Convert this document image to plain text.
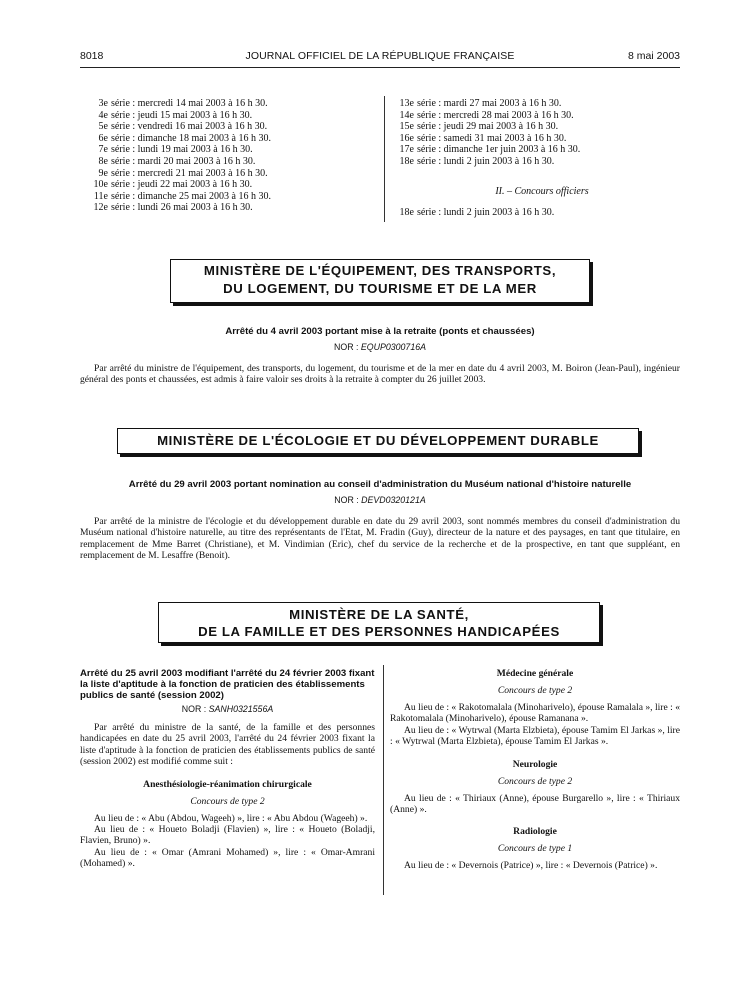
8018	JOURNAL OFFICIEL DE LA RÉPUBLIQUE FRANÇAISE	8 mai 2003
3e série : mercredi 14 mai 2003 à 16 h 30.
4e série : jeudi 15 mai 2003 à 16 h 30.
5e série : vendredi 16 mai 2003 à 16 h 30.
6e série : dimanche 18 mai 2003 à 16 h 30.
7e série : lundi 19 mai 2003 à 16 h 30.
8e série : mardi 20 mai 2003 à 16 h 30.
9e série : mercredi 21 mai 2003 à 16 h 30.
10e série : jeudi 22 mai 2003 à 16 h 30.
11e série : dimanche 25 mai 2003 à 16 h 30.
12e série : lundi 26 mai 2003 à 16 h 30.
13e série : mardi 27 mai 2003 à 16 h 30.
14e série : mercredi 28 mai 2003 à 16 h 30.
15e série : jeudi 29 mai 2003 à 16 h 30.
16e série : samedi 31 mai 2003 à 16 h 30.
17e série : dimanche 1er juin 2003 à 16 h 30.
18e série : lundi 2 juin 2003 à 16 h 30.
II. – Concours officiers
18e série : lundi 2 juin 2003 à 16 h 30.
MINISTÈRE DE L'ÉQUIPEMENT, DES TRANSPORTS,
DU LOGEMENT, DU TOURISME ET DE LA MER
Arrêté du 4 avril 2003 portant mise à la retraite (ponts et chaussées)
NOR : EQUP0300716A
Par arrêté du ministre de l'équipement, des transports, du logement, du tourisme et de la mer en date du 4 avril 2003, M. Boiron (Jean-Paul), ingénieur général des ponts et chaussées, est admis à faire valoir ses droits à la retraite à compter du 26 juillet 2003.
MINISTÈRE DE L'ÉCOLOGIE ET DU DÉVELOPPEMENT DURABLE
Arrêté du 29 avril 2003 portant nomination au conseil d'administration du Muséum national d'histoire naturelle
NOR : DEVD0320121A
Par arrêté de la ministre de l'écologie et du développement durable en date du 29 avril 2003, sont nommés membres du conseil d'administration du Muséum national d'histoire naturelle, au titre des représentants de l'Etat, M. Fradin (Guy), directeur de la nature et des paysages, en tant que titulaire, en remplacement de Mme Barret (Christiane), et M. Vindimian (Eric), chef du service de la recherche et de la prospective, en tant que suppléant, en remplacement de M. Lesaffre (Benoit).
MINISTÈRE DE LA SANTÉ,
DE LA FAMILLE ET DES PERSONNES HANDICAPÉES
Arrêté du 25 avril 2003 modifiant l'arrêté du 24 février 2003 fixant la liste d'aptitude à la fonction de praticien des établissements publics de santé (session 2002)
NOR : SANH0321556A

Par arrêté du ministre de la santé, de la famille et des personnes handicapées en date du 25 avril 2003, l'arrêté du 24 février 2003 fixant la liste d'aptitude à la fonction de praticien des établissements publics de santé (session 2002) est modifié comme suit :

Anesthésiologie-réanimation chirurgicale
Concours de type 2

Au lieu de : « Abu (Abdou, Wageeh) », lire : « Abu Abdou (Wageeh) ».

Au lieu de : « Houeto Boladji (Flavien) », lire : « Houeto (Boladji, Flavien, Bruno) ».

Au lieu de : « Omar (Amrani Mohamed) », lire : « Omar-Amrani (Mohamed) ».

Médecine générale
Concours de type 2

Au lieu de : « Rakotomalala (Minoharivelo), épouse Ramalala », lire : « Rakotomalala (Minoharivelo), épouse Ramanana ».

Au lieu de : « Wytrwal (Marta Elzbieta), épouse Tamim El Jarkas », lire : « Wytrwal (Marta Elzbieta), épouse Tamim El Jarkas ».

Neurologie
Concours de type 2

Au lieu de : « Thiriaux (Anne), épouse Burgarello », lire : « Thiriaux (Anne) ».

Radiologie
Concours de type 1

Au lieu de : « Devernois (Patrice) », lire : « Devernois (Patrice) ».
